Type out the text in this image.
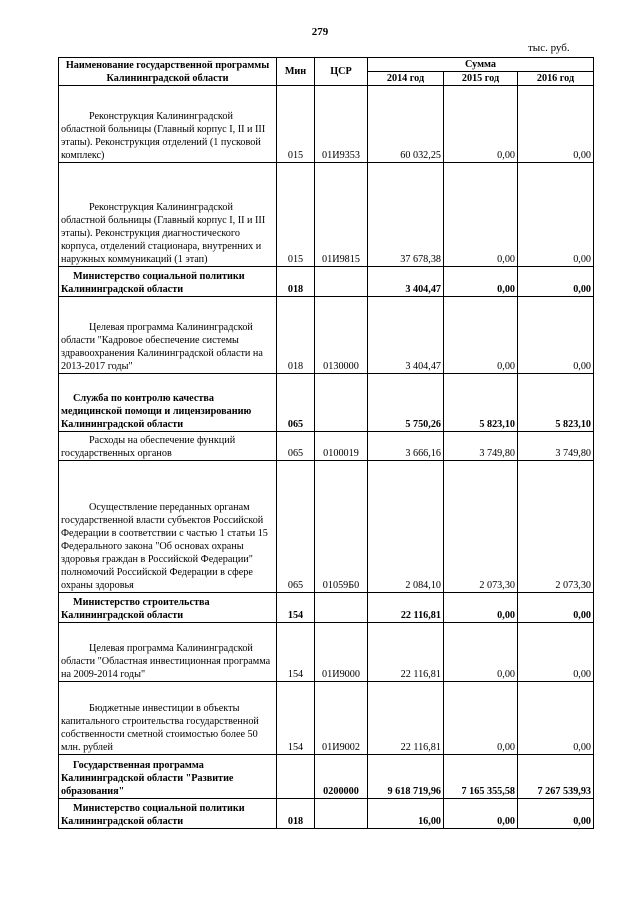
279
тыс. руб.
Наименование государственной программы Калининградской области	Мин	ЦСР	Сумма		
			2014 год	2015 год	2016 год
Реконструкция Калининградской областной больницы (Главный корпус I, II и III этапы). Реконструкция отделений (1 пусковой комплекс)	015	01И9353	60 032,25	0,00	0,00
Реконструкция Калининградской областной больницы (Главный корпус I, II и III этапы). Реконструкция диагностического корпуса, отделений стационара, внутренних и наружных коммуникаций (1 этап)	015	01И9815	37 678,38	0,00	0,00
Министерство социальной политики Калининградской области	018		3 404,47	0,00	0,00
Целевая программа Калининградской области "Кадровое обеспечение системы здравоохранения Калининградской области на 2013-2017 годы"	018	0130000	3 404,47	0,00	0,00
Служба по контролю качества медицинской помощи и лицензированию Калининградской области	065		5 750,26	5 823,10	5 823,10
Расходы на обеспечение функций государственных органов	065	0100019	3 666,16	3 749,80	3 749,80
Осуществление переданных органам государственной власти субъектов Российской Федерации в соответствии с частью 1 статьи 15 Федерального закона "Об основах охраны здоровья граждан в Российской Федерации" полномочий Российской Федерации в сфере охраны здоровья	065	01059Б0	2 084,10	2 073,30	2 073,30
Министерство строительства Калининградской области	154		22 116,81	0,00	0,00
Целевая программа Калининградской области "Областная инвестиционная программа на 2009-2014 годы"	154	01И9000	22 116,81	0,00	0,00
Бюджетные инвестиции в объекты капитального строительства государственной собственности сметной стоимостью более 50 млн. рублей	154	01И9002	22 116,81	0,00	0,00
Государственная программа Калининградской области "Развитие образования"		0200000	9 618 719,96	7 165 355,58	7 267 539,93
Министерство социальной политики Калининградской области	018		16,00	0,00	0,00
